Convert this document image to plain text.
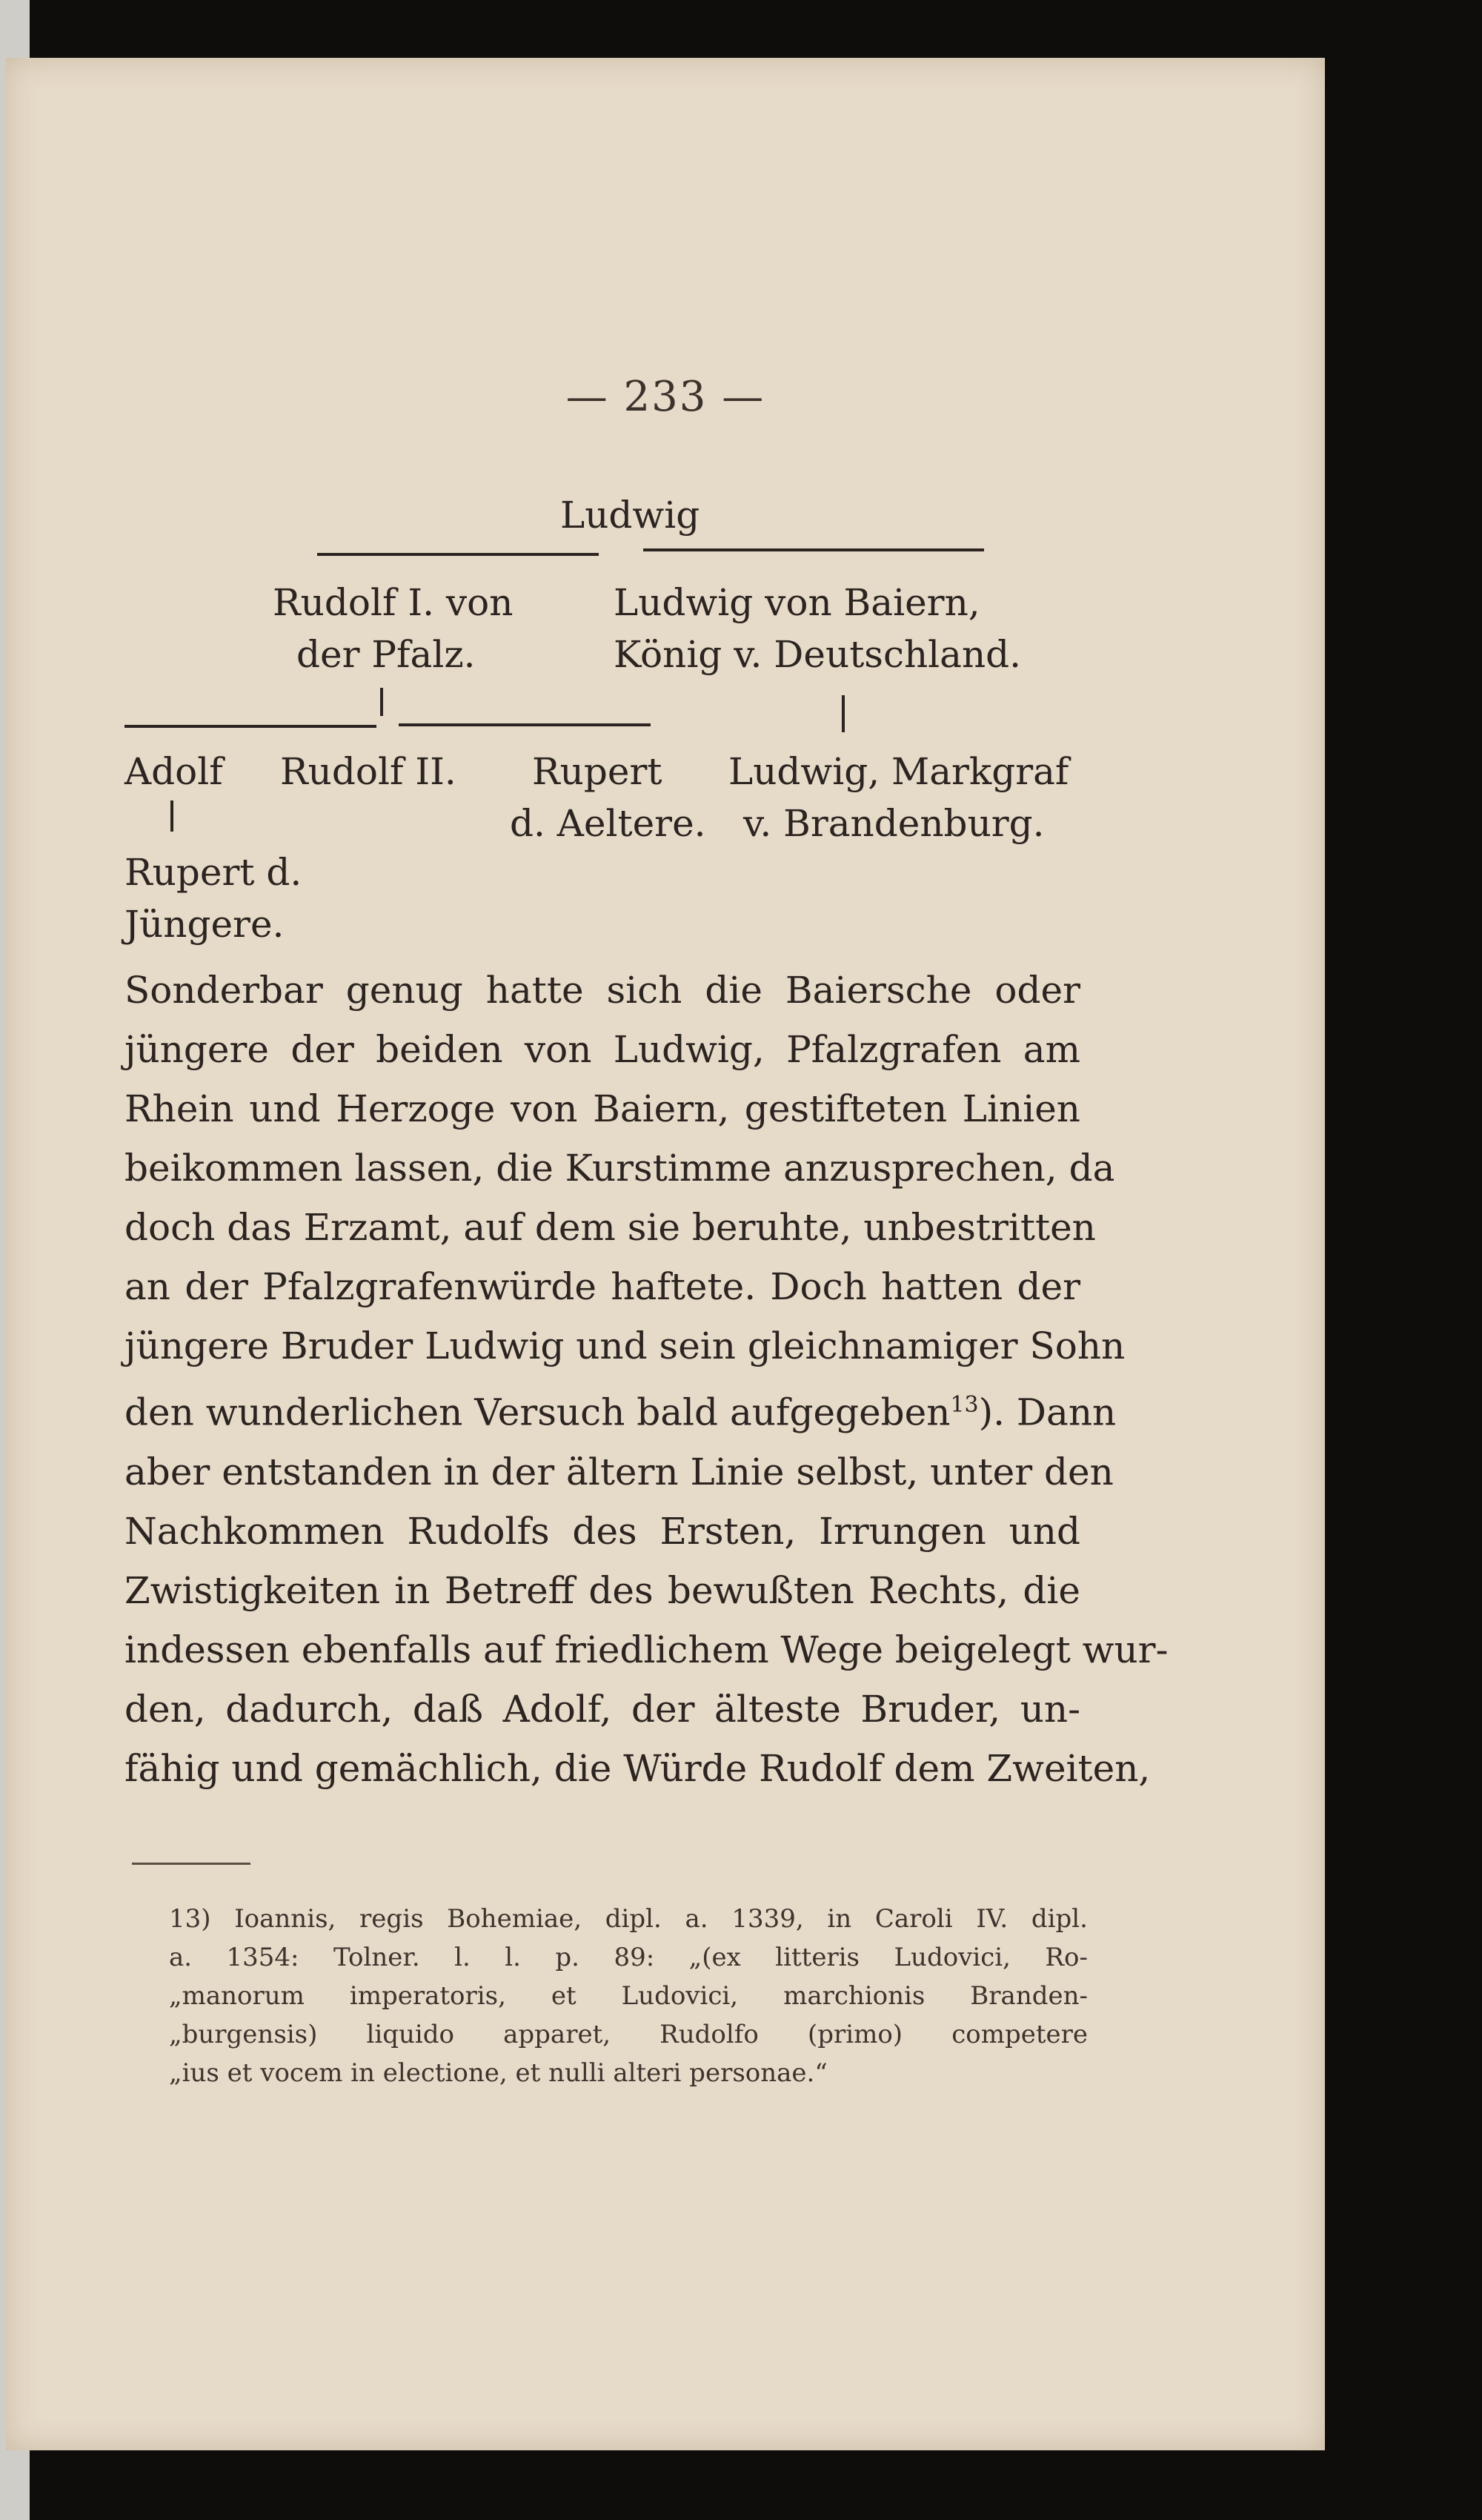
— 233 —
Ludwig
Rudolf I. von
der Pfalz.
Ludwig von Baiern,
König v. Deutschland.
Adolf Rudolf II. Rupert
d. Aeltere.
Ludwig, Markgraf
v. Brandenburg.
Rupert d.
Jüngere.
Sonderbar genug hatte sich die Baiersche oder
jüngere der beiden von Ludwig, Pfalzgrafen am
Rhein und Herzoge von Baiern, gestifteten Linien
beikommen lassen, die Kurstimme anzusprechen, da
doch das Erzamt, auf dem sie beruhte, unbestritten
an der Pfalzgrafenwürde haftete. Doch hatten der
jüngere Bruder Ludwig und sein gleichnamiger Sohn
den wunderlichen Versuch bald aufgegeben$^{13}$). Dann
aber entstanden in der ältern Linie selbst, unter den
Nachkommen Rudolfs des Ersten, Irrungen und
Zwistigkeiten in Betreff des bewußten Rechts, die
indessen ebenfalls auf friedlichem Wege beigelegt wur-
den, dadurch, daß Adolf, der älteste Bruder, un-
fähig und gemächlich, die Würde Rudolf dem Zweiten,
13) Ioannis, regis Bohemiae, dipl. a. 1339, in Caroli IV. dipl.
a. 1354: Tolner. l. l. p. 89: „(ex litteris Ludovici, Ro-
„manorum imperatoris, et Ludovici, marchionis Branden-
„burgensis) liquido apparet, Rudolfo (primo) competere
„ius et vocem in electione, et nulli alteri personae.“
